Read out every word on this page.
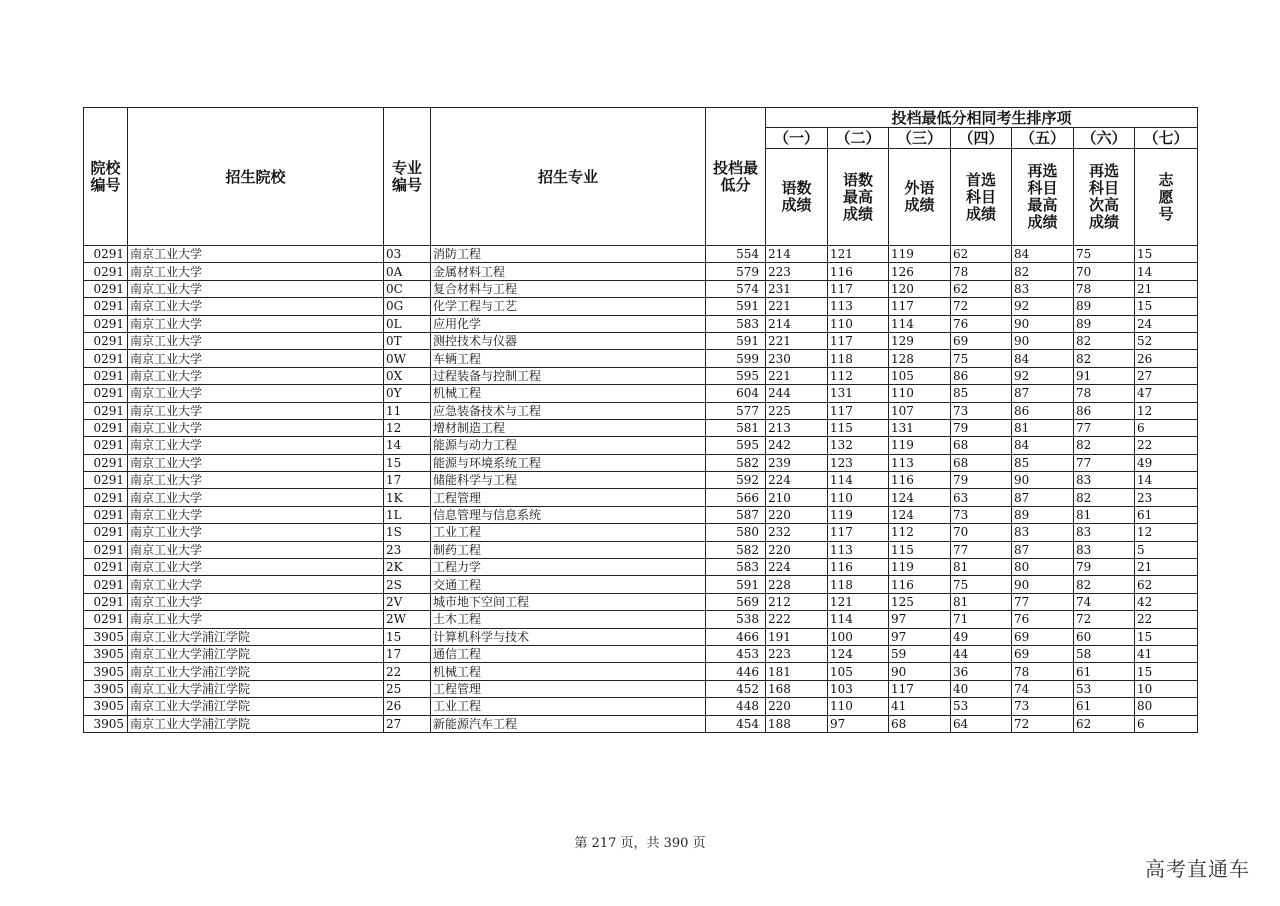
院校编号	招生院校	专业编号	招生专业	投档最低分	投档最低分相同考生排序项						
					（一）	（二）	（三）	（四）	（五）	（六）	（七）
					语数成绩	语数最高成绩	外语成绩	首选科目成绩	再选科目最高成绩	再选科目次高成绩	志愿号
0291	南京工业大学	03	消防工程	554	214	121	119	62	84	75	15
0291	南京工业大学	0A	金属材料工程	579	223	116	126	78	82	70	14
0291	南京工业大学	0C	复合材料与工程	574	231	117	120	62	83	78	21
0291	南京工业大学	0G	化学工程与工艺	591	221	113	117	72	92	89	15
0291	南京工业大学	0L	应用化学	583	214	110	114	76	90	89	24
0291	南京工业大学	0T	测控技术与仪器	591	221	117	129	69	90	82	52
0291	南京工业大学	0W	车辆工程	599	230	118	128	75	84	82	26
0291	南京工业大学	0X	过程装备与控制工程	595	221	112	105	86	92	91	27
0291	南京工业大学	0Y	机械工程	604	244	131	110	85	87	78	47
0291	南京工业大学	11	应急装备技术与工程	577	225	117	107	73	86	86	12
0291	南京工业大学	12	增材制造工程	581	213	115	131	79	81	77	6
0291	南京工业大学	14	能源与动力工程	595	242	132	119	68	84	82	22
0291	南京工业大学	15	能源与环境系统工程	582	239	123	113	68	85	77	49
0291	南京工业大学	17	储能科学与工程	592	224	114	116	79	90	83	14
0291	南京工业大学	1K	工程管理	566	210	110	124	63	87	82	23
0291	南京工业大学	1L	信息管理与信息系统	587	220	119	124	73	89	81	61
0291	南京工业大学	1S	工业工程	580	232	117	112	70	83	83	12
0291	南京工业大学	23	制药工程	582	220	113	115	77	87	83	5
0291	南京工业大学	2K	工程力学	583	224	116	119	81	80	79	21
0291	南京工业大学	2S	交通工程	591	228	118	116	75	90	82	62
0291	南京工业大学	2V	城市地下空间工程	569	212	121	125	81	77	74	42
0291	南京工业大学	2W	土木工程	538	222	114	97	71	76	72	22
3905	南京工业大学浦江学院	15	计算机科学与技术	466	191	100	97	49	69	60	15
3905	南京工业大学浦江学院	17	通信工程	453	223	124	59	44	69	58	41
3905	南京工业大学浦江学院	22	机械工程	446	181	105	90	36	78	61	15
3905	南京工业大学浦江学院	25	工程管理	452	168	103	117	40	74	53	10
3905	南京工业大学浦江学院	26	工业工程	448	220	110	41	53	73	61	80
3905	南京工业大学浦江学院	27	新能源汽车工程	454	188	97	68	64	72	62	6
第 217 页，共 390 页
高考直通车
